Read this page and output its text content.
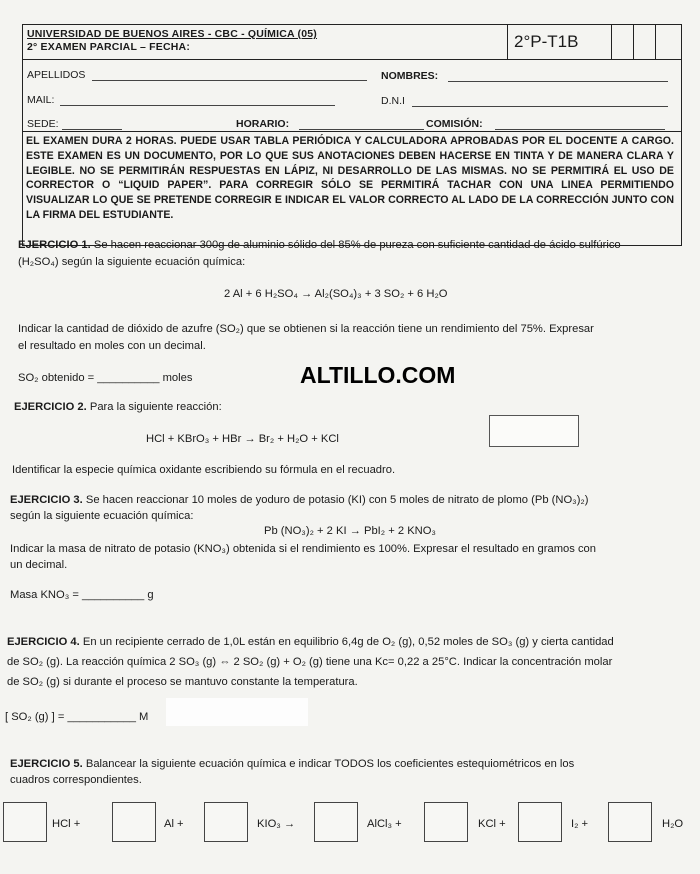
UNIVERSIDAD DE BUENOS AIRES - CBC - QUÍMICA (05)
2° EXAMEN PARCIAL – FECHA:	2°P-T1B
APELLIDOS	NOMBRES:
MAIL:	D.N.I
SEDE:	HORARIO:	COMISIÓN:
EL EXAMEN DURA 2 HORAS. PUEDE USAR TABLA PERIÓDICA Y CALCULADORA APROBADAS POR EL DOCENTE A CARGO. ESTE EXAMEN ES UN DOCUMENTO, POR LO QUE SUS ANOTACIONES DEBEN HACERSE EN TINTA Y DE MANERA CLARA Y LEGIBLE. NO SE PERMITIRÁN RESPUESTAS EN LÁPIZ, NI DESARROLLO DE LAS MISMAS. NO SE PERMITIRÁ EL USO DE CORRECTOR O “LIQUID PAPER”. PARA CORREGIR SÓLO SE PERMITIRÁ TACHAR CON UNA LINEA PERMITIENDO VISUALIZAR LO QUE SE PRETENDE CORREGIR E INDICAR EL VALOR CORRECTO AL LADO DE LA CORRECCIÓN JUNTO CON LA FIRMA DEL ESTUDIANTE.
EJERCICIO 1. Se hacen reaccionar 300g de aluminio sólido del 85% de pureza con suficiente cantidad de ácido sulfúrico
(H₂SO₄) según la siguiente ecuación química:
2 Al + 6 H₂SO₄ → Al₂(SO₄)₃ + 3 SO₂ + 6 H₂O
Indicar la cantidad de dióxido de azufre (SO₂) que se obtienen si la reacción tiene un rendimiento del 75%. Expresar
el resultado en moles con un decimal.
SO₂ obtenido = __________ moles	ALTILLO.COM
EJERCICIO 2. Para la siguiente reacción:
HCl + KBrO₃ + HBr → Br₂ + H₂O + KCl
Identificar la especie química oxidante escribiendo su fórmula en el recuadro.
EJERCICIO 3. Se hacen reaccionar 10 moles de yoduro de potasio (KI) con 5 moles de nitrato de plomo (Pb (NO₃)₂)
según la siguiente ecuación química:
Pb (NO₃)₂ + 2 KI → PbI₂ + 2 KNO₃
Indicar la masa de nitrato de potasio (KNO₃) obtenida si el rendimiento es 100%. Expresar el resultado en gramos con
un decimal.
Masa KNO₃ = __________ g
EJERCICIO 4. En un recipiente cerrado de 1,0L están en equilibrio 6,4g de O₂ (g), 0,52 moles de SO₃ (g) y cierta cantidad
de SO₂ (g). La reacción química 2 SO₃ (g) ⇔ 2 SO₂ (g) + O₂ (g) tiene una Kc= 0,22 a 25°C. Indicar la concentración molar
de SO₂ (g) si durante el proceso se mantuvo constante la temperatura.
[ SO₂ (g) ] = ___________ M
EJERCICIO 5. Balancear la siguiente ecuación química e indicar TODOS los coeficientes estequiométricos en los
cuadros correspondientes.
HCl +	Al +	KIO₃ →	AlCl₃ +	KCl +	I₂ +	H₂O
